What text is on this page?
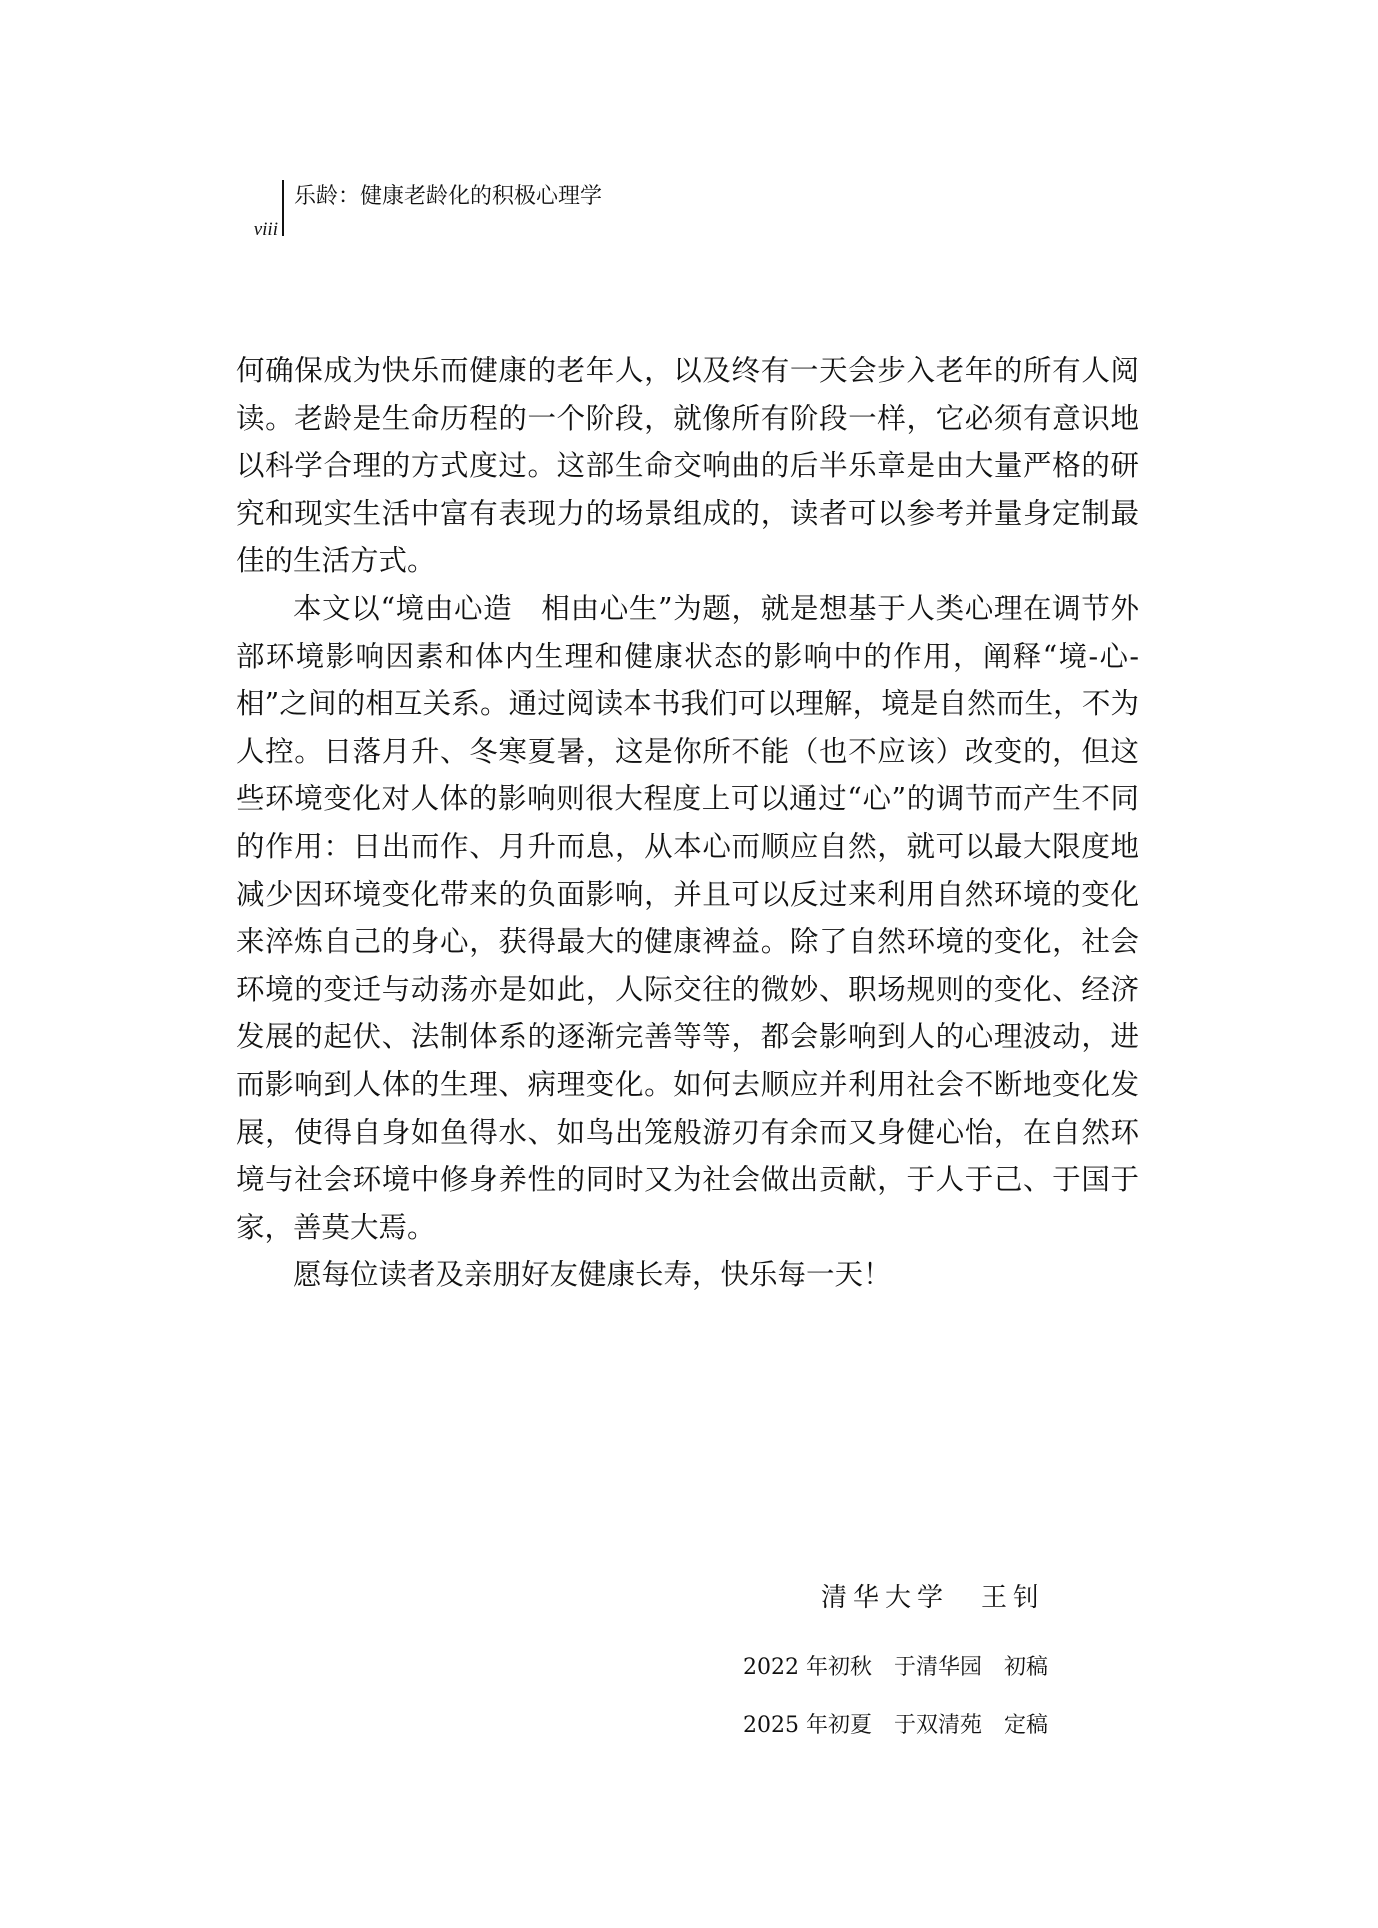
viii
乐龄：健康老龄化的积极心理学

何确保成为快乐而健康的老年人，以及终有一天会步入老年的所有人阅读。老龄是生命历程的一个阶段，就像所有阶段一样，它必须有意识地以科学合理的方式度过。这部生命交响曲的后半乐章是由大量严格的研究和现实生活中富有表现力的场景组成的，读者可以参考并量身定制最佳的生活方式。

本文以“境由心造　相由心生”为题，就是想基于人类心理在调节外部环境影响因素和体内生理和健康状态的影响中的作用，阐释“境-心-相”之间的相互关系。通过阅读本书我们可以理解，境是自然而生，不为人控。日落月升、冬寒夏暑，这是你所不能（也不应该）改变的，但这些环境变化对人体的影响则很大程度上可以通过“心”的调节而产生不同的作用：日出而作、月升而息，从本心而顺应自然，就可以最大限度地减少因环境变化带来的负面影响，并且可以反过来利用自然环境的变化来淬炼自己的身心，获得最大的健康裨益。除了自然环境的变化，社会环境的变迁与动荡亦是如此，人际交往的微妙、职场规则的变化、经济发展的起伏、法制体系的逐渐完善等等，都会影响到人的心理波动，进而影响到人体的生理、病理变化。如何去顺应并利用社会不断地变化发展，使得自身如鱼得水、如鸟出笼般游刃有余而又身健心怡，在自然环境与社会环境中修身养性的同时又为社会做出贡献，于人于己、于国于家，善莫大焉。

愿每位读者及亲朋好友健康长寿，快乐每一天！

清华大学　王钊
2022 年初秋　于清华园　初稿
2025 年初夏　于双清苑　定稿
